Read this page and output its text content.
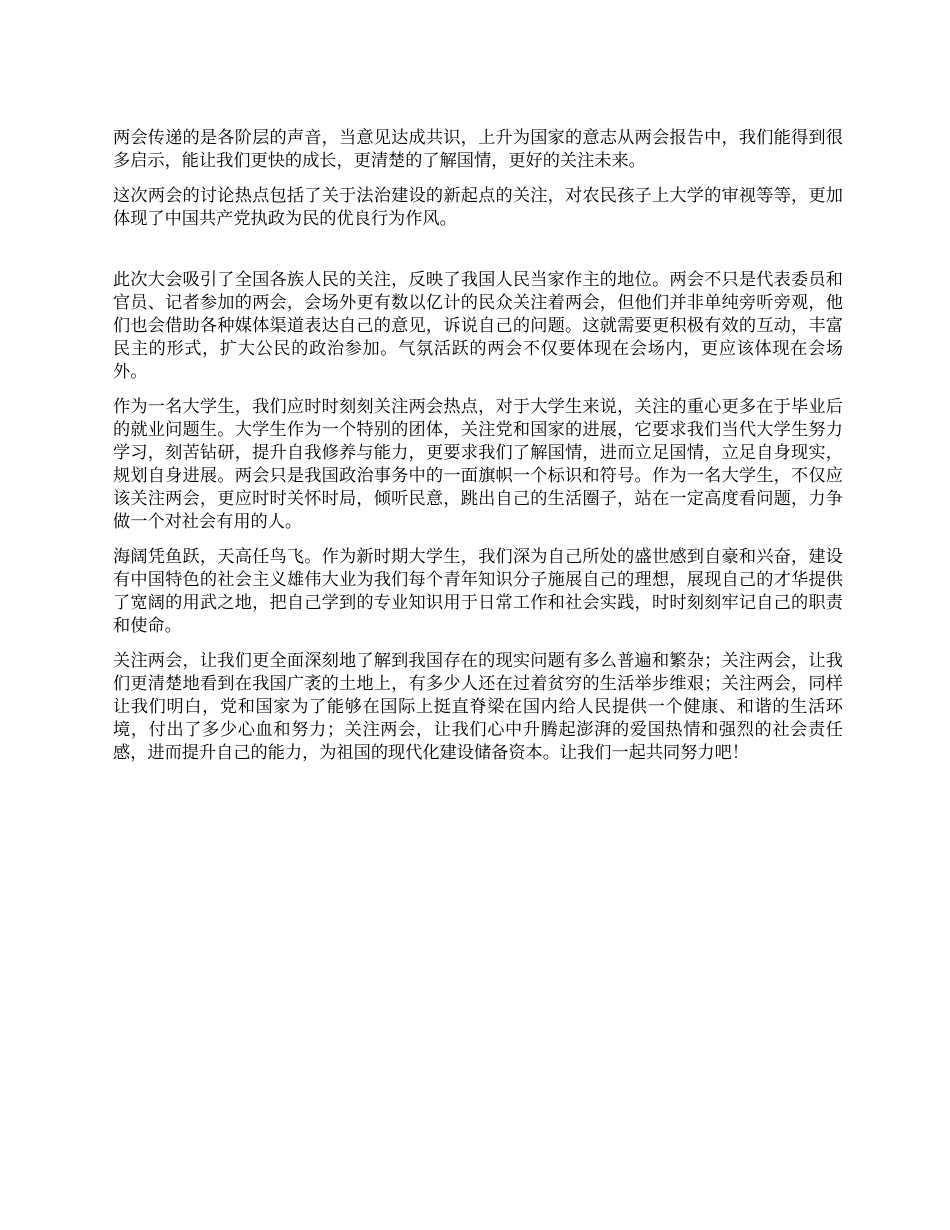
两会传递的是各阶层的声音，当意见达成共识，上升为国家的意志从两会报告中，我们能得到很多启示，能让我们更快的成长，更清楚的了解国情，更好的关注未来。

这次两会的讨论热点包括了关于法治建设的新起点的关注，对农民孩子上大学的审视等等，更加体现了中国共产党执政为民的优良行为作风。

此次大会吸引了全国各族人民的关注，反映了我国人民当家作主的地位。两会不只是代表委员和官员、记者参加的两会，会场外更有数以亿计的民众关注着两会，但他们并非单纯旁听旁观，他们也会借助各种媒体渠道表达自己的意见，诉说自己的问题。这就需要更积极有效的互动，丰富民主的形式，扩大公民的政治参加。气氛活跃的两会不仅要体现在会场内，更应该体现在会场外。

作为一名大学生，我们应时时刻刻关注两会热点，对于大学生来说，关注的重心更多在于毕业后的就业问题生。大学生作为一个特别的团体，关注党和国家的进展，它要求我们当代大学生努力学习，刻苦钻研，提升自我修养与能力，更要求我们了解国情，进而立足国情，立足自身现实，规划自身进展。两会只是我国政治事务中的一面旗帜一个标识和符号。作为一名大学生，不仅应该关注两会，更应时时关怀时局，倾听民意，跳出自己的生活圈子，站在一定高度看问题，力争做一个对社会有用的人。

海阔凭鱼跃，天高任鸟飞。作为新时期大学生，我们深为自己所处的盛世感到自豪和兴奋，建设有中国特色的社会主义雄伟大业为我们每个青年知识分子施展自己的理想，展现自己的才华提供了宽阔的用武之地，把自己学到的专业知识用于日常工作和社会实践，时时刻刻牢记自己的职责和使命。

关注两会，让我们更全面深刻地了解到我国存在的现实问题有多么普遍和繁杂；关注两会，让我们更清楚地看到在我国广袤的土地上，有多少人还在过着贫穷的生活举步维艰；关注两会，同样让我们明白，党和国家为了能够在国际上挺直脊梁在国内给人民提供一个健康、和谐的生活环境，付出了多少心血和努力；关注两会，让我们心中升腾起澎湃的爱国热情和强烈的社会责任感，进而提升自己的能力，为祖国的现代化建设储备资本。让我们一起共同努力吧！
